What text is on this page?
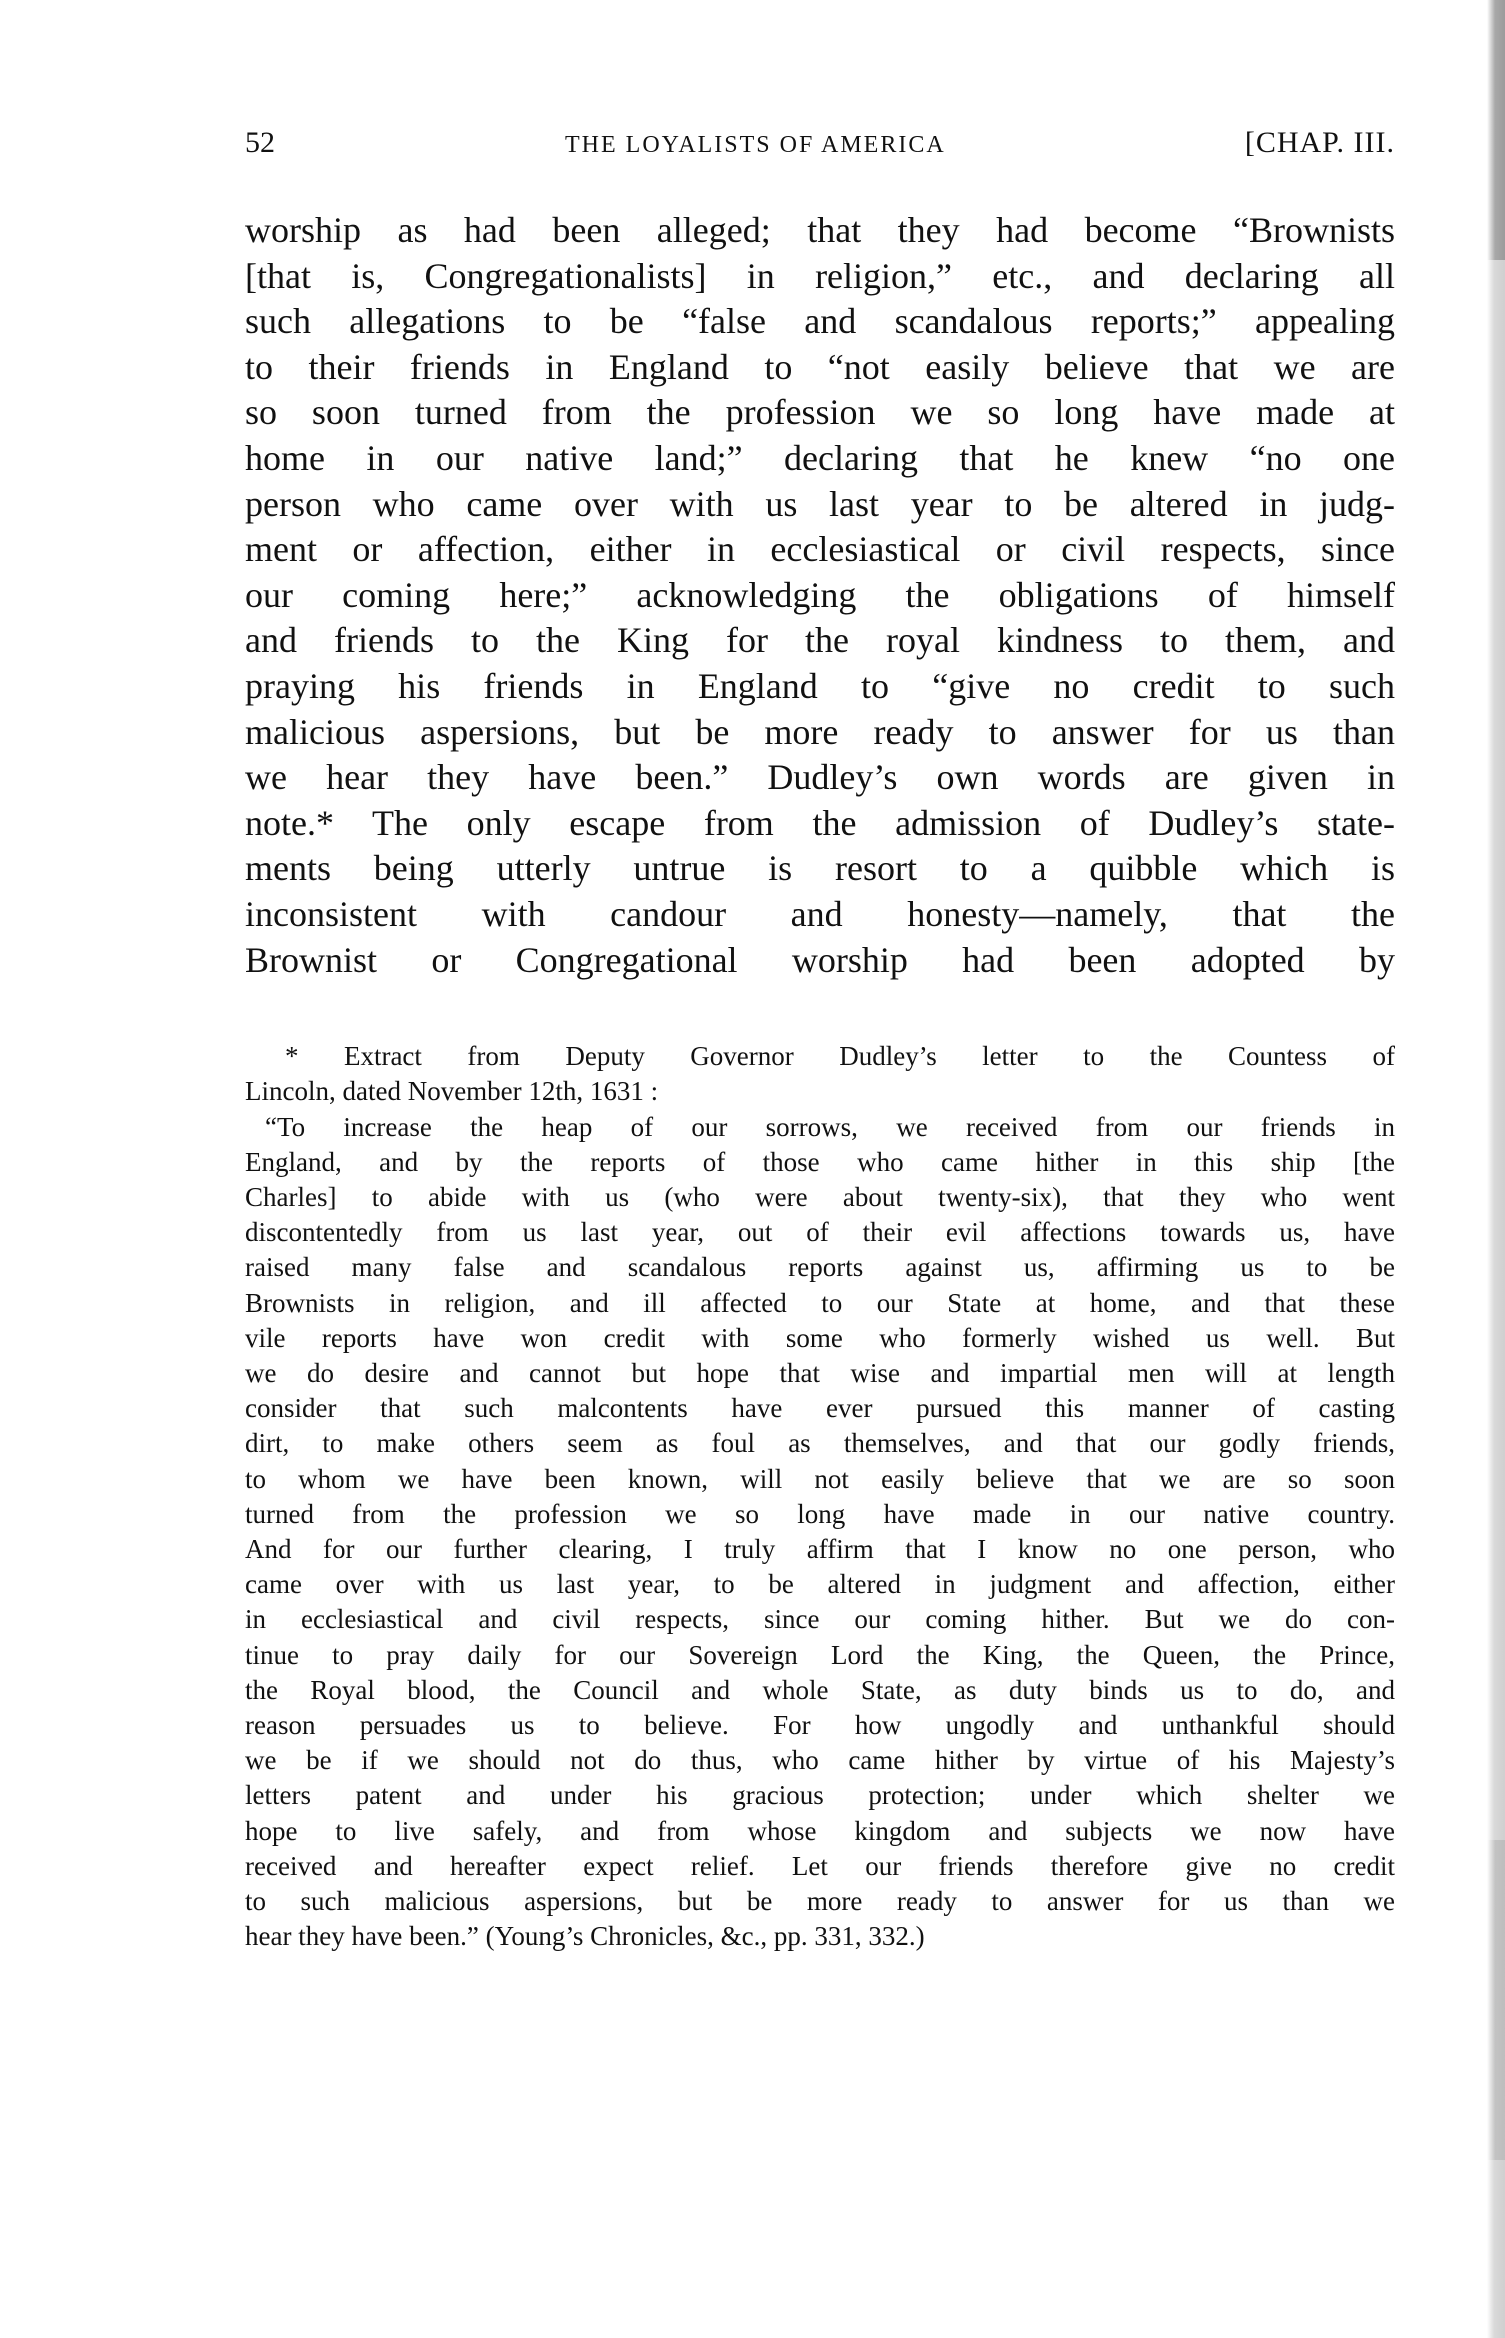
52	THE LOYALISTS OF AMERICA	[CHAP. III.
worship as had been alleged; that they had become “Brownists
[that is, Congregationalists] in religion,” etc., and declaring all
such allegations to be “false and scandalous reports;” appealing
to their friends in England to “not easily believe that we are
so soon turned from the profession we so long have made at
home in our native land;” declaring that he knew “no one
person who came over with us last year to be altered in judg-
ment or affection, either in ecclesiastical or civil respects, since
our coming here;” acknowledging the obligations of himself
and friends to the King for the royal kindness to them, and
praying his friends in England to “give no credit to such
malicious aspersions, but be more ready to answer for us than
we hear they have been.” Dudley’s own words are given in
note.* The only escape from the admission of Dudley’s state-
ments being utterly untrue is resort to a quibble which is
inconsistent with candour and honesty—namely, that the
Brownist or Congregational worship had been adopted by
* Extract from Deputy Governor Dudley’s letter to the Countess of
Lincoln, dated November 12th, 1631 :
“To increase the heap of our sorrows, we received from our friends in
England, and by the reports of those who came hither in this ship [the
Charles] to abide with us (who were about twenty-six), that they who went
discontentedly from us last year, out of their evil affections towards us, have
raised many false and scandalous reports against us, affirming us to be
Brownists in religion, and ill affected to our State at home, and that these
vile reports have won credit with some who formerly wished us well. But
we do desire and cannot but hope that wise and impartial men will at length
consider that such malcontents have ever pursued this manner of casting
dirt, to make others seem as foul as themselves, and that our godly friends,
to whom we have been known, will not easily believe that we are so soon
turned from the profession we so long have made in our native country.
And for our further clearing, I truly affirm that I know no one person, who
came over with us last year, to be altered in judgment and affection, either
in ecclesiastical and civil respects, since our coming hither. But we do con-
tinue to pray daily for our Sovereign Lord the King, the Queen, the Prince,
the Royal blood, the Council and whole State, as duty binds us to do, and
reason persuades us to believe. For how ungodly and unthankful should
we be if we should not do thus, who came hither by virtue of his Majesty’s
letters patent and under his gracious protection; under which shelter we
hope to live safely, and from whose kingdom and subjects we now have
received and hereafter expect relief. Let our friends therefore give no credit
to such malicious aspersions, but be more ready to answer for us than we
hear they have been.” (Young’s Chronicles, &c., pp. 331, 332.)
